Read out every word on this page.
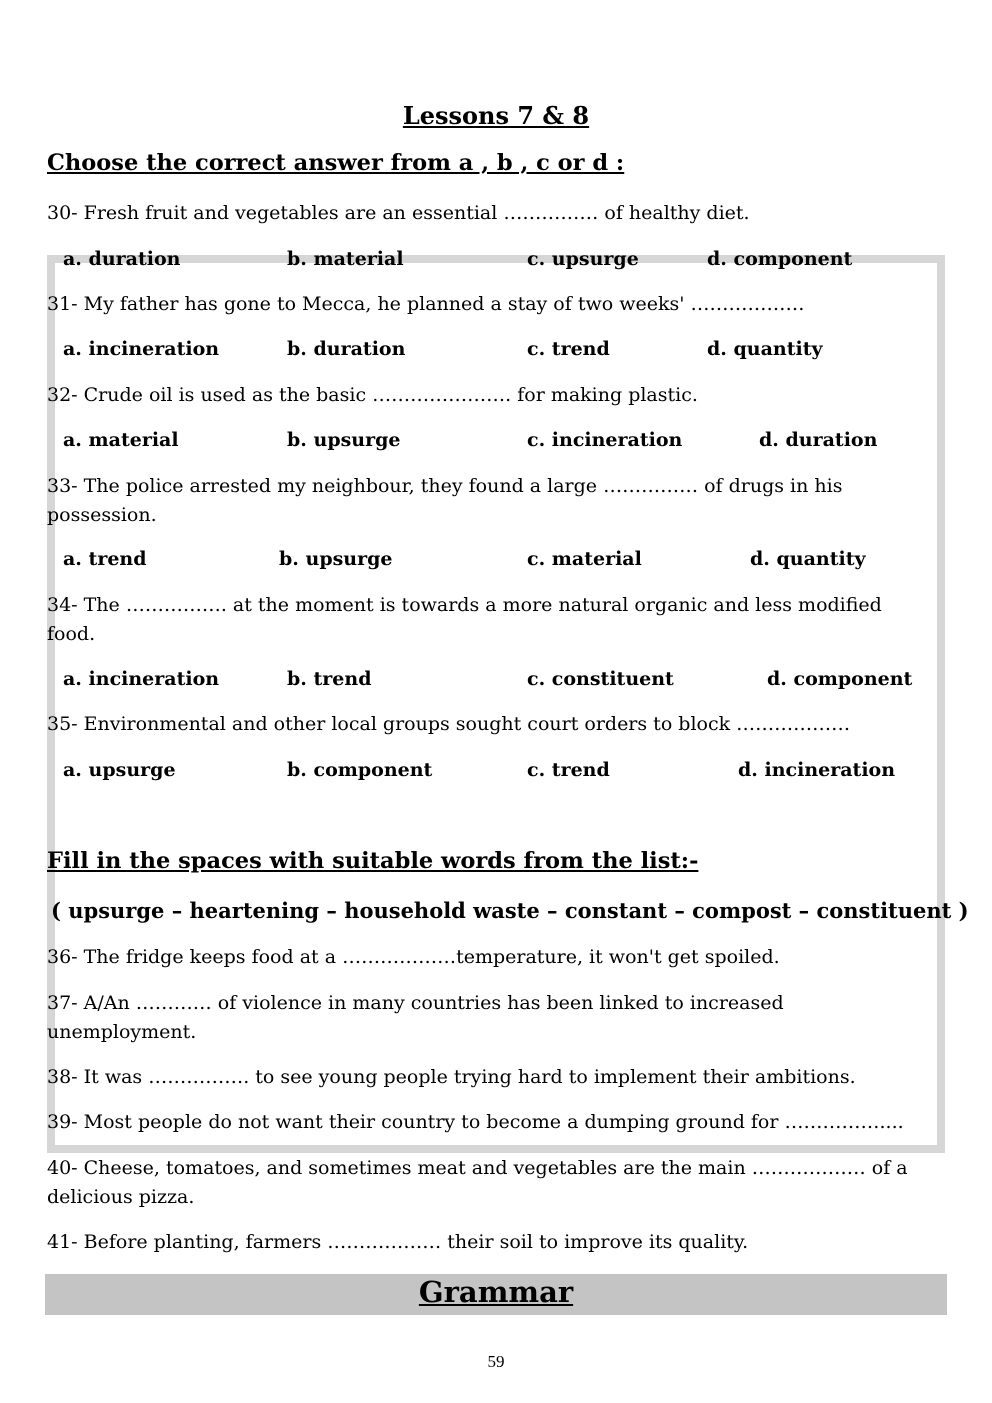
Lessons 7 & 8
Choose the correct answer from a , b , c or d :
30- Fresh fruit and vegetables are an essential …………… of healthy diet.
a. duration	b. material	c. upsurge	d. component
31- My father has gone to Mecca, he planned a stay of two weeks' ………………
a. incineration	b. duration	c. trend	d. quantity
32- Crude oil is used as the basic …………………. for making plastic.
a. material	b. upsurge	c. incineration	d. duration
33- The police arrested my neighbour, they found a large …………… of drugs in his possession.
a. trend	b. upsurge	c. material	d. quantity
34- The ……………. at the moment is towards a more natural organic and less modified food.
a. incineration	b. trend	c. constituent	d. component
35- Environmental and other local groups sought court orders to block ………………
a. upsurge	b. component	c. trend	d. incineration
Fill in the spaces with suitable words from the list:-
( upsurge – heartening – household waste – constant – compost – constituent )
36- The fridge keeps food at a ………………temperature, it won't get spoiled.
37- A/An ………… of violence in many countries has been linked to increased unemployment.
38- It was ……………. to see young people trying hard to implement their ambitions.
39- Most people do not want their country to become a dumping ground for ……………....
40- Cheese, tomatoes, and sometimes meat and vegetables are the main ……………… of a delicious pizza.
41- Before planting, farmers ……………… their soil to improve its quality.
Grammar
59
